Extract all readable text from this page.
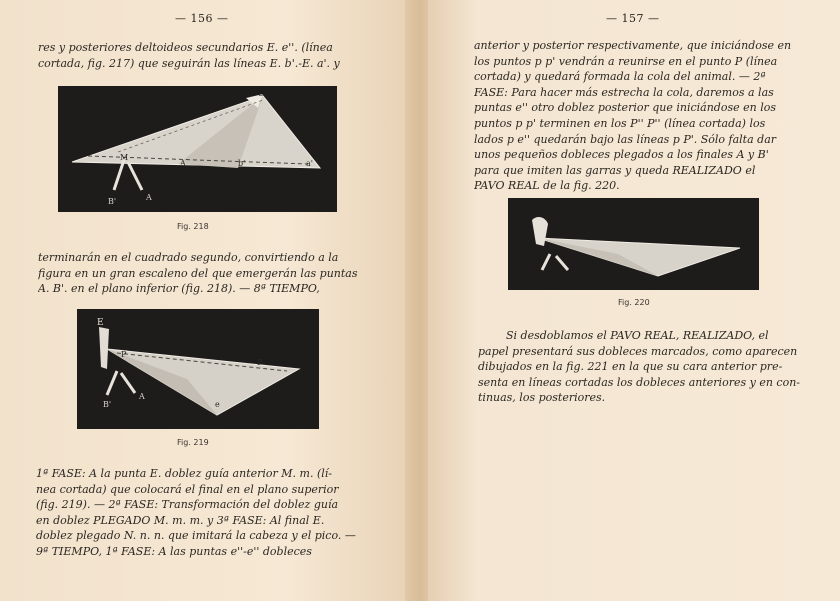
— 156 —
res y posteriores deltoideos secundarios E. e''. (línea
cortada, fig. 217) que seguirán las líneas E. b'.-E. a'. y
e'
A
M
B'	A
b'	a'
Fig. 218
terminarán en el cuadrado segundo, convirtiendo a la
figura en un gran escaleno del que emergerán las puntas
A. B'. en el plano inferior (fig. 218). — 8ª TIEMPO,
E
P
P
B'
A
e
Fig. 219
1ª FASE: A la punta E. doblez guía anterior M. m. (lí-
nea cortada) que colocará el final en el plano superior
(fig. 219). — 2ª FASE: Transformación del doblez guía
en doblez PLEGADO M. m. m. y 3ª FASE: Al final E.
doblez plegado N. n. n. que imitará la cabeza y el pico. —
9ª TIEMPO, 1ª FASE: A las puntas e''-e'' dobleces
— 157 —
anterior y posterior respectivamente, que iniciándose en
los puntos p p' vendrán a reunirse en el punto P (línea
cortada) y quedará formada la cola del animal. — 2ª
FASE: Para hacer más estrecha la cola, daremos a las
puntas e'' otro doblez posterior que iniciándose en los
puntos p p' terminen en los P'' P'' (línea cortada) los
lados p e'' quedarán bajo las líneas p P'. Sólo falta dar
unos pequeños dobleces plegados a los finales A y B'
para que imiten las garras y queda REALIZADO el
PAVO REAL de la fig. 220.
Fig. 220
Si desdoblamos el PAVO REAL, REALIZADO, el
papel presentará sus dobleces marcados, como aparecen
dibujados en la fig. 221 en la que su cara anterior pre-
senta en líneas cortadas los dobleces anteriores y en con-
tinuas, los posteriores.
